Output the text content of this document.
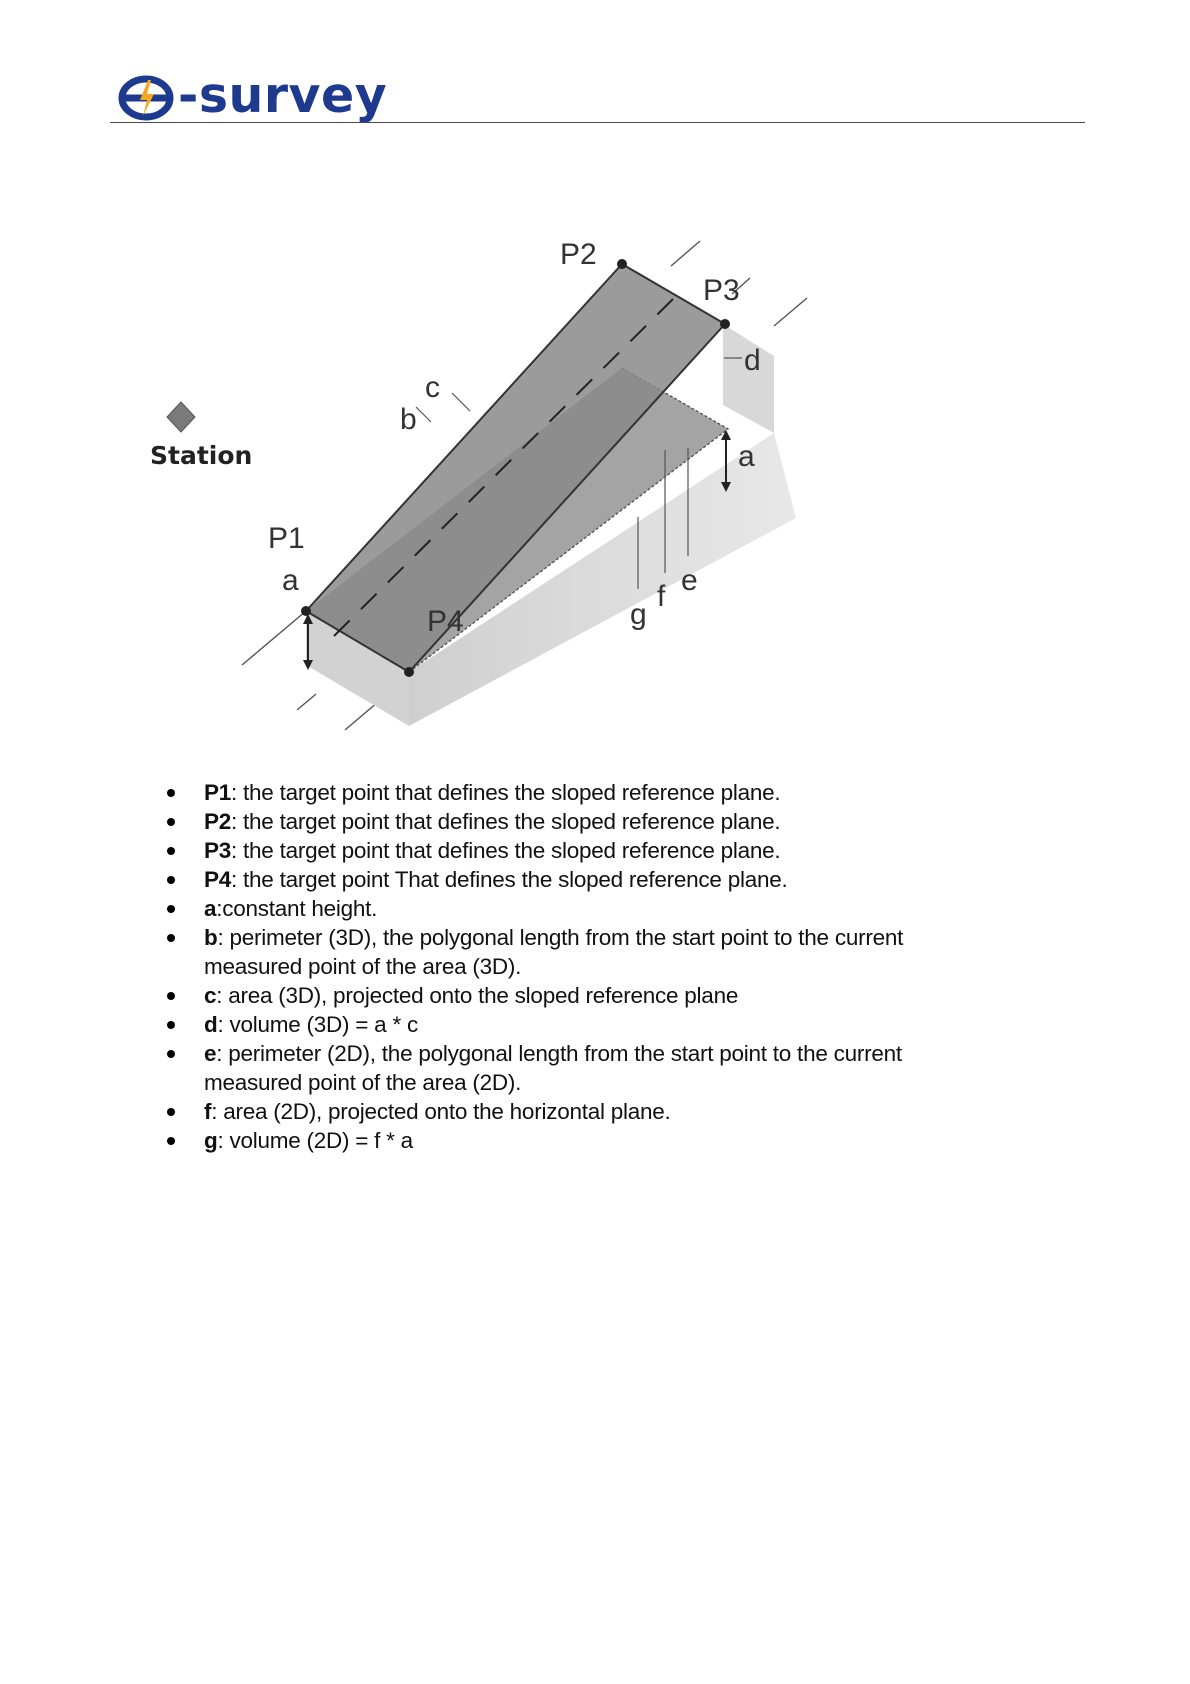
-survey
Station
P1
P2
P3
P4
a
a
b
c
d
e
f
g
P1: the target point that defines the sloped reference plane.
P2: the target point that defines the sloped reference plane.
P3: the target point that defines the sloped reference plane.
P4: the target point That defines the sloped reference plane.
a:constant height.
b: perimeter (3D), the polygonal length from the start point to the current measured point of the area (3D).
c: area (3D), projected onto the sloped reference plane
d: volume (3D) = a * c
e: perimeter (2D), the polygonal length from the start point to the current measured point of the area (2D).
f: area (2D), projected onto the horizontal plane.
g: volume (2D) = f * a
